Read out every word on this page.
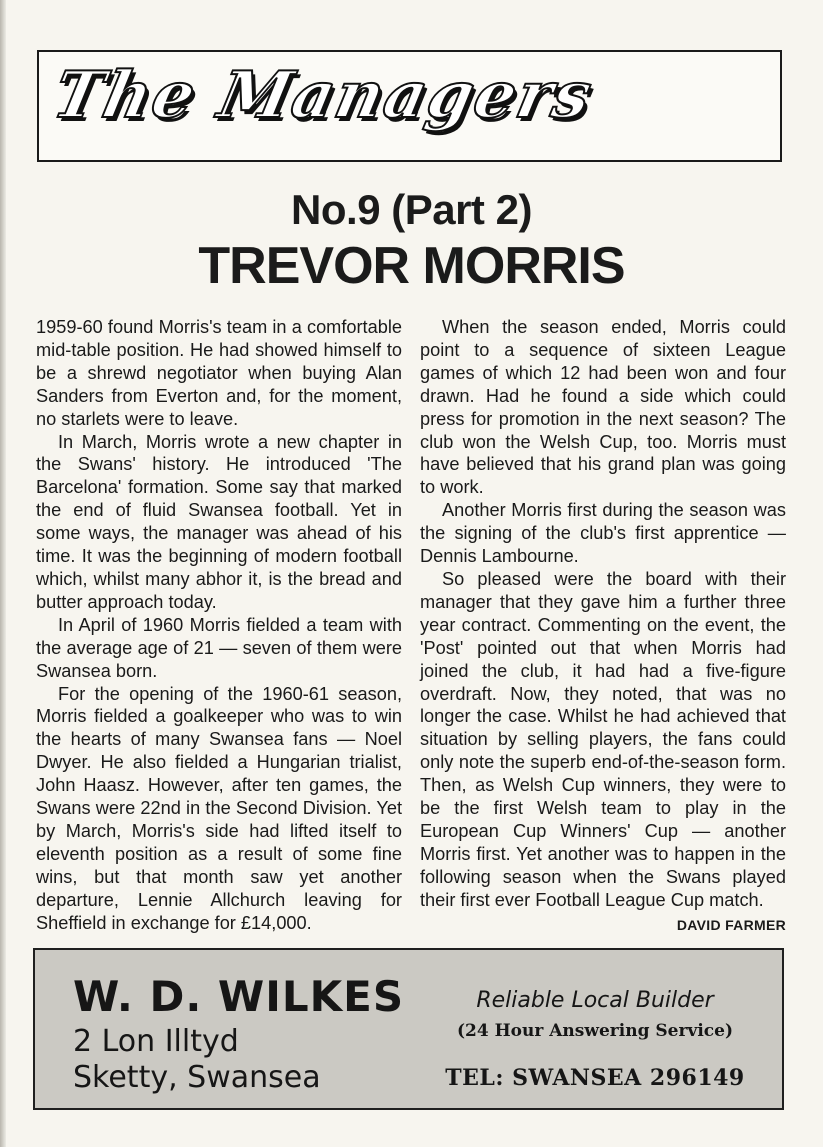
The Managers
No.9 (Part 2)
TREVOR MORRIS

1959-60 found Morris's team in a comfortable mid-table position. He had showed himself to be a shrewd negotiator when buying Alan Sanders from Everton and, for the moment, no starlets were to leave.

In March, Morris wrote a new chapter in the Swans' history. He introduced 'The Barcelona' formation. Some say that marked the end of fluid Swansea football. Yet in some ways, the manager was ahead of his time. It was the beginning of modern football which, whilst many abhor it, is the bread and butter approach today.

In April of 1960 Morris fielded a team with the average age of 21 — seven of them were Swansea born.

For the opening of the 1960-61 season, Morris fielded a goalkeeper who was to win the hearts of many Swansea fans — Noel Dwyer. He also fielded a Hungarian trialist, John Haasz. However, after ten games, the Swans were 22nd in the Second Division. Yet by March, Morris's side had lifted itself to eleventh position as a result of some fine wins, but that month saw yet another departure, Lennie Allchurch leaving for Sheffield in exchange for £14,000.

When the season ended, Morris could point to a sequence of sixteen League games of which 12 had been won and four drawn. Had he found a side which could press for promotion in the next season? The club won the Welsh Cup, too. Morris must have believed that his grand plan was going to work.

Another Morris first during the season was the signing of the club's first apprentice — Dennis Lambourne.

So pleased were the board with their manager that they gave him a further three year contract. Commenting on the event, the 'Post' pointed out that when Morris had joined the club, it had had a five-figure overdraft. Now, they noted, that was no longer the case. Whilst he had achieved that situation by selling players, the fans could only note the superb end-of-the-season form. Then, as Welsh Cup winners, they were to be the first Welsh team to play in the European Cup Winners' Cup — another Morris first. Yet another was to happen in the following season when the Swans played their first ever Football League Cup match.
DAVID FARMER

W. D. WILKES
2 Lon Illtyd
Sketty, Swansea
Reliable Local Builder
(24 Hour Answering Service)
TEL: SWANSEA 296149
